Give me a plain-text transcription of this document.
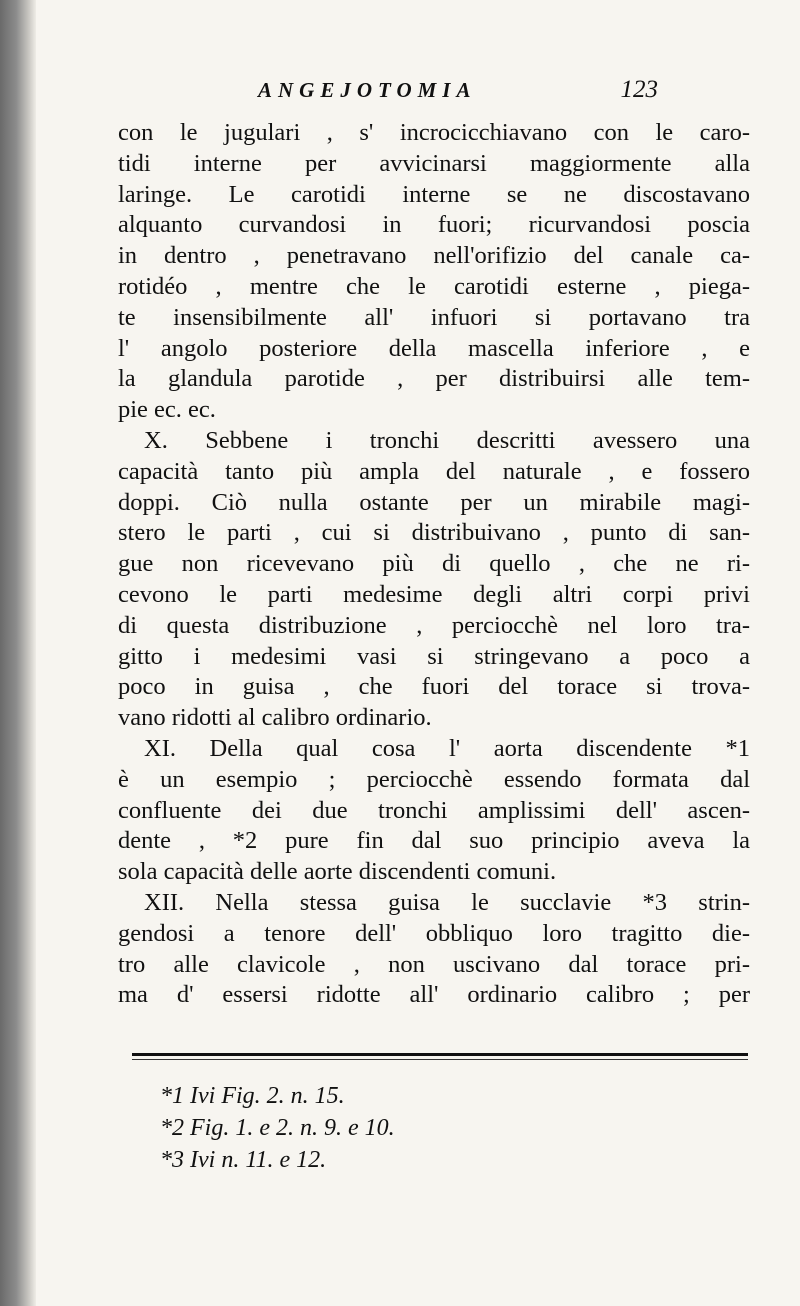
ANGEJOTOMIA	123
con le jugulari , s' incrocicchiavano con le caro-
tidi interne per avvicinarsi maggiormente alla
laringe. Le carotidi interne se ne discostavano
alquanto curvandosi in fuori; ricurvandosi poscia
in dentro , penetravano nell'orifizio del canale ca-
rotidéo , mentre che le carotidi esterne , piega-
te insensibilmente all' infuori si portavano tra
l' angolo posteriore della mascella inferiore , e
la glandula parotide , per distribuirsi alle tem-
pie ec. ec.
X. Sebbene i tronchi descritti avessero una
capacità tanto più ampla del naturale , e fossero
doppi. Ciò nulla ostante per un mirabile magi-
stero le parti , cui si distribuivano , punto di san-
gue non ricevevano più di quello , che ne ri-
cevono le parti medesime degli altri corpi privi
di questa distribuzione , perciocchè nel loro tra-
gitto i medesimi vasi si stringevano a poco a
poco in guisa , che fuori del torace si trova-
vano ridotti al calibro ordinario.
XI. Della qual cosa l' aorta discendente *1
è un esempio ; perciocchè essendo formata dal
confluente dei due tronchi amplissimi dell' ascen-
dente , *2 pure fin dal suo principio aveva la
sola capacità delle aorte discendenti comuni.
XII. Nella stessa guisa le succlavie *3 strin-
gendosi a tenore dell' obbliquo loro tragitto die-
tro alle clavicole , non uscivano dal torace pri-
ma d' essersi ridotte all' ordinario calibro ; per
*1 Ivi Fig. 2. n. 15.
*2 Fig. 1. e 2. n. 9. e 10.
*3 Ivi n. 11. e 12.
